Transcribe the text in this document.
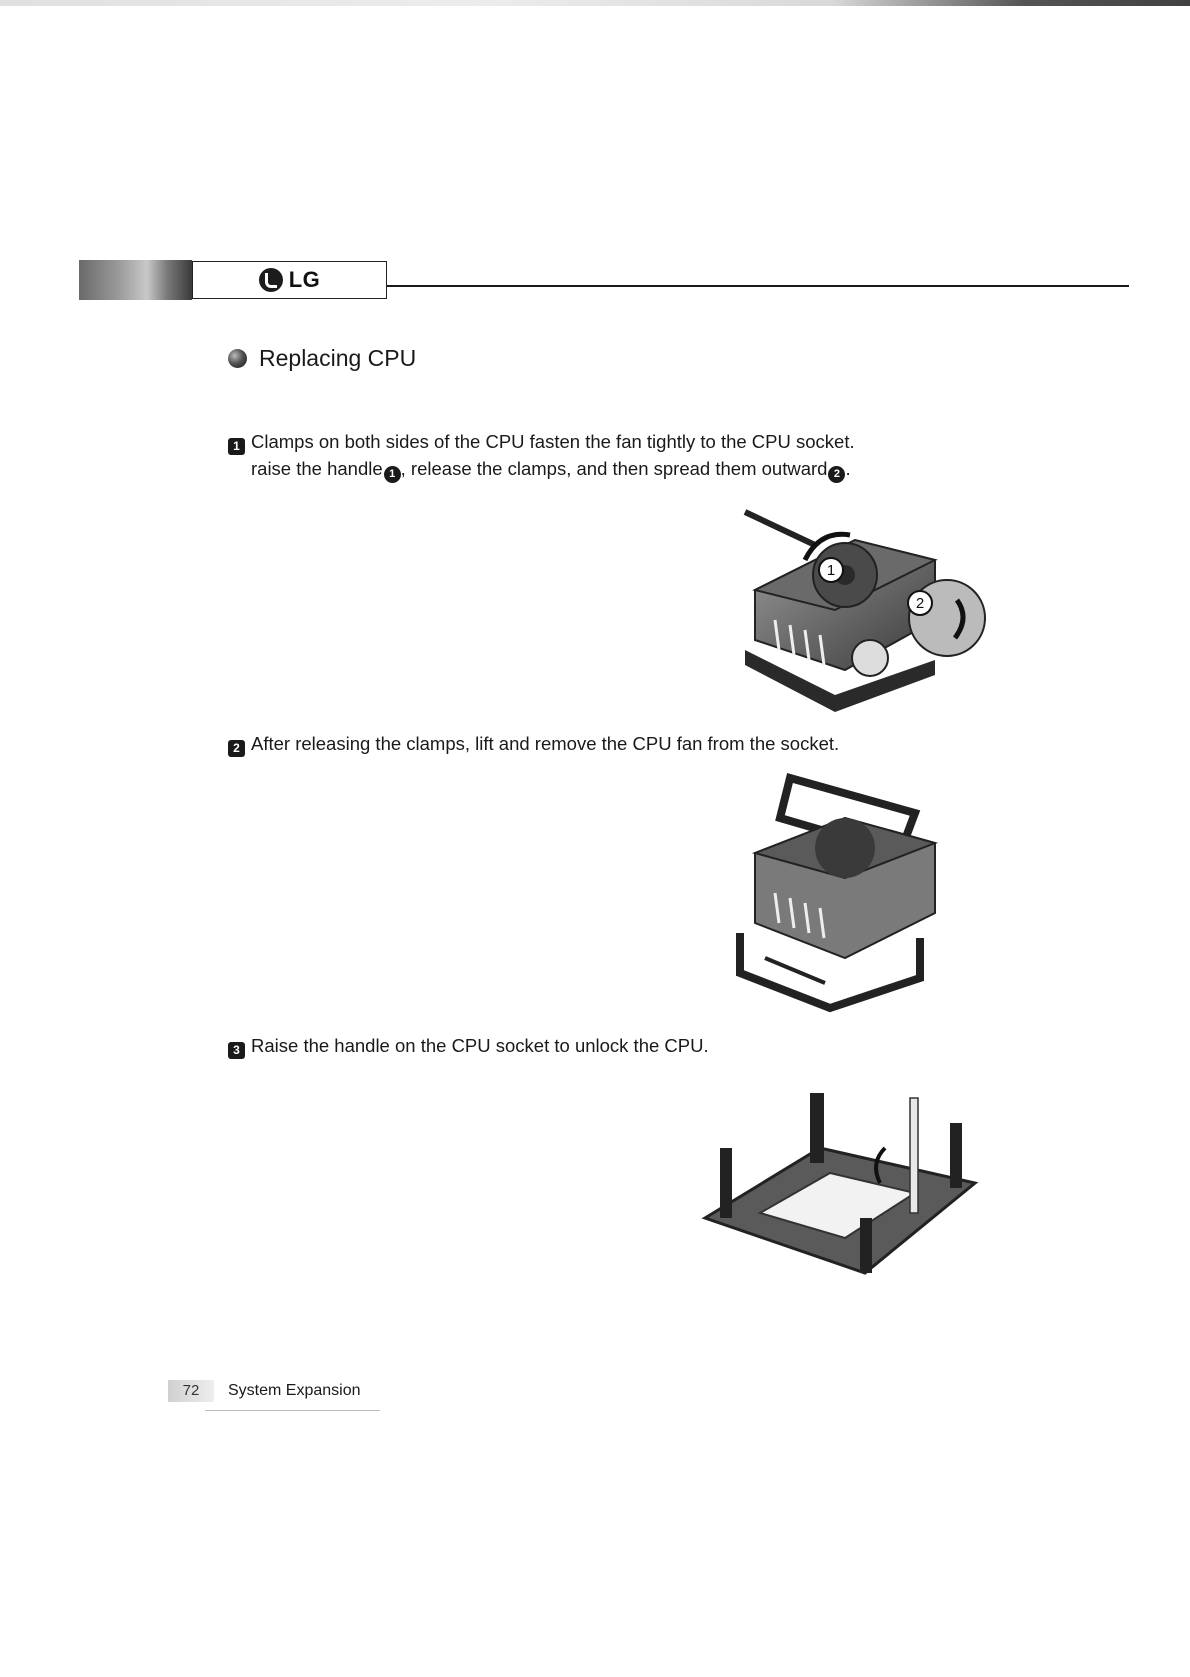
LG
Replacing CPU
1 Clamps on both sides of the CPU fasten the fan tightly to the CPU socket.
raise the handle 1 , release the clamps, and then spread them outward 2 .
1
2
2 After releasing the clamps, lift and remove the CPU fan from the socket.
3 Raise the handle on the CPU socket to unlock the CPU.
72	System Expansion
